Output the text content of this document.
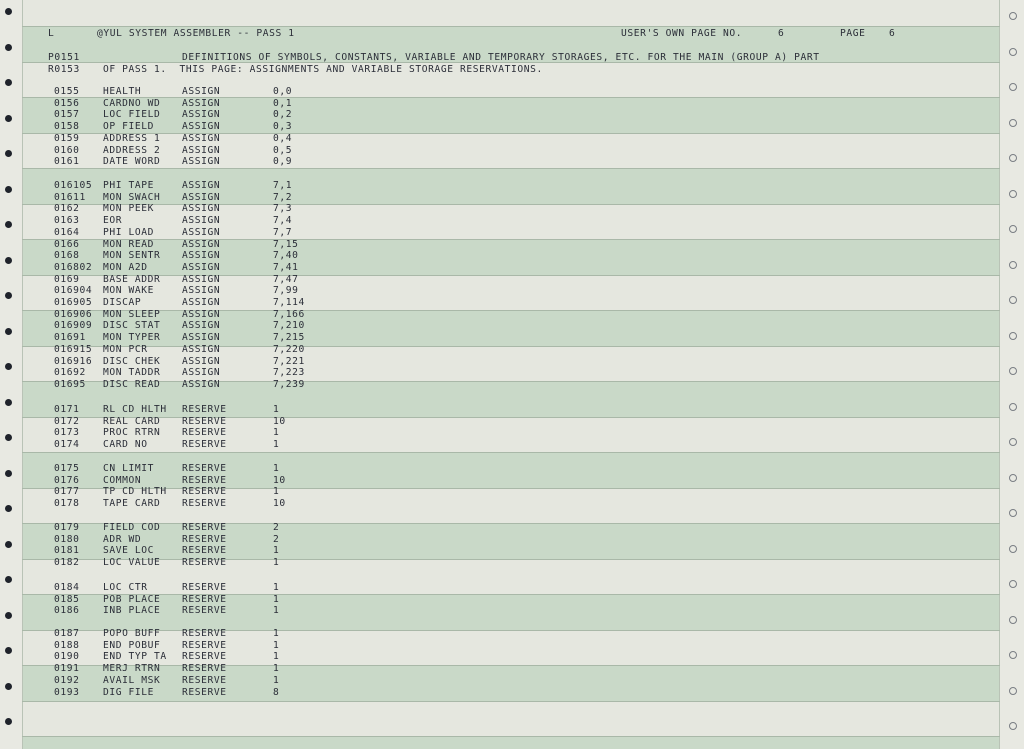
L	@YUL SYSTEM ASSEMBLER -- PASS 1	USER'S OWN PAGE NO.	6	PAGE 6

P0151

	DEFINITIONS OF SYMBOLS, CONSTANTS, VARIABLE AND TEMPORARY STORAGES, ETC. FOR THE MAIN (GROUP A) PART

R0153

OF PASS 1.  THIS PAGE: ASSIGNMENTS AND VARIABLE STORAGE RESERVATIONS.

0155 HEALTH	ASSIGN	0,0
0156 CARDNO WD ASSIGN	0,1
0157 LOC FIELD ASSIGN	0,2
0158 OP FIELD	ASSIGN	0,3
0159 ADDRESS 1 ASSIGN	0,4
0160 ADDRESS 2 ASSIGN	0,5
0161 DATE WORD ASSIGN	0,9
016105 PHI TAPE	ASSIGN	7,1
01611 MON SWACH ASSIGN	7,2
0162 MON PEEK	ASSIGN	7,3
0163 EOR	ASSIGN	7,4
0164 PHI LOAD	ASSIGN	7,7
0166 MON READ	ASSIGN	7,15
0168 MON SENTR ASSIGN	7,40
016802 MON A2D	ASSIGN	7,41
0169 BASE ADDR ASSIGN	7,47
016904 MON WAKE	ASSIGN	7,99
016905 DISCAP	ASSIGN	7,114
016906 MON SLEEP ASSIGN	7,166
016909 DISC STAT ASSIGN	7,210
01691 MON TYPER ASSIGN	7,215
016915 MON PCR	ASSIGN	7,220
016916 DISC CHEK ASSIGN	7,221
01692 MON TADDR ASSIGN	7,223
01695 DISC READ ASSIGN	7,239
0171 RL CD HLTH RESERVE	1
0172 REAL CARD RESERVE	10
0173 PROC RTRN RESERVE	1
0174 CARD NO	RESERVE	1
0175 CN LIMIT	RESERVE	1
0176 COMMON	RESERVE	10
0177 TP CD HLTH RESERVE	1
0178 TAPE CARD RESERVE	10
0179 FIELD COD RESERVE	2
0180 ADR WD	RESERVE	2
0181 SAVE LOC	RESERVE	1
0182 LOC VALUE RESERVE	1
0184 LOC CTR	RESERVE	1
0185 POB PLACE RESERVE	1
0186 INB PLACE RESERVE	1
0187 POPO BUFF RESERVE	1
0188 END POBUF RESERVE	1
0190 END TYP TA RESERVE	1
0191 MERJ RTRN RESERVE	1
0192 AVAIL MSK RESERVE	1
0193 DIG FILE	RESERVE	8
